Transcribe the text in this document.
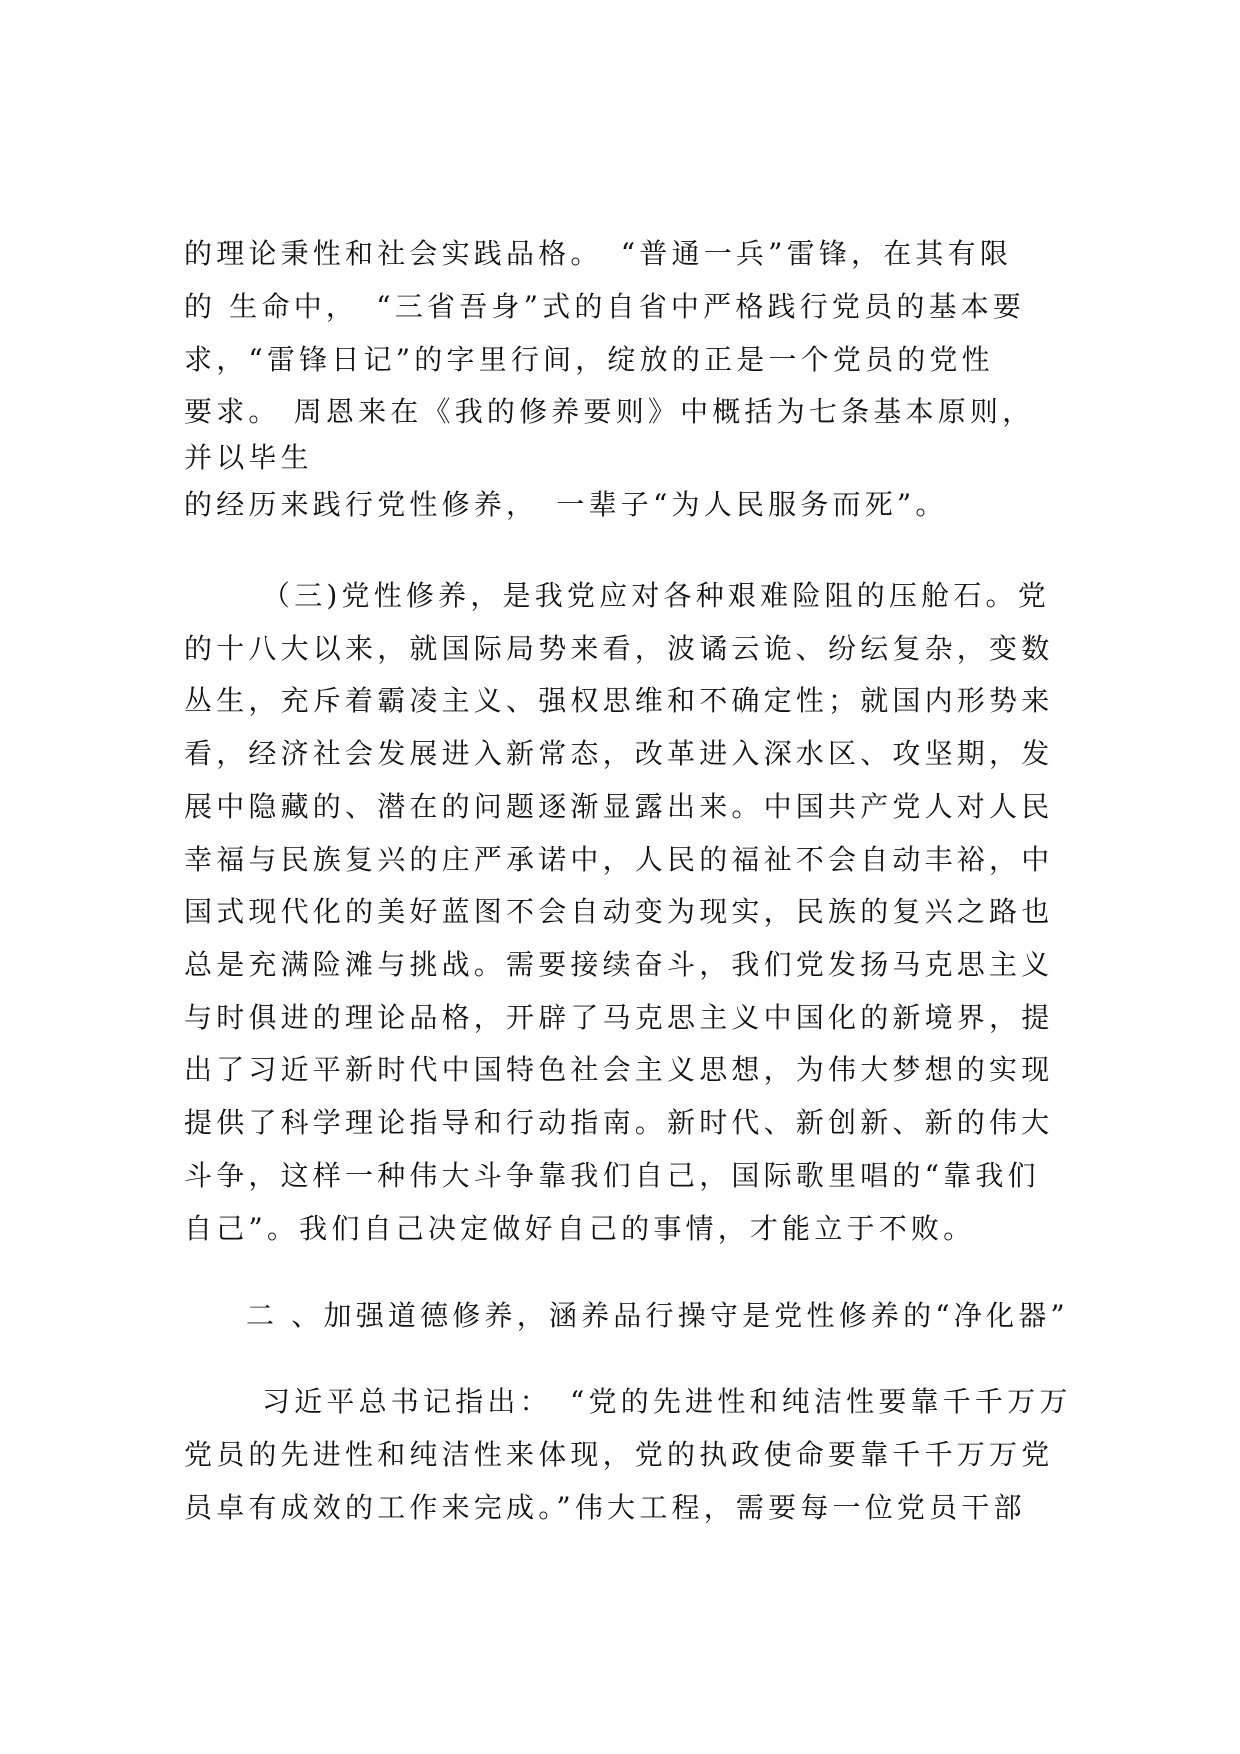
的理论秉性和社会实践品格。　“普通一兵”雷锋，在其有限
的 生命中，　“三省吾身”式的自省中严格践行党员的基本要
求，“雷锋日记”的字里行间，绽放的正是一个党员的党性
要求。 周恩来在《我的修养要则》中概括为七条基本原则，
并以毕生
的经历来践行党性修养，　一辈子“为人民服务而死”。
（三)党性修养，是我党应对各种艰难险阻的压舱石。党
的十八大以来，就国际局势来看，波谲云诡、纷纭复杂，变数
丛生，充斥着霸凌主义、强权思维和不确定性；就国内形势来
看，经济社会发展进入新常态，改革进入深水区、攻坚期，发
展中隐藏的、潜在的问题逐渐显露出来。中国共产党人对人民
幸福与民族复兴的庄严承诺中，人民的福祉不会自动丰裕，中
国式现代化的美好蓝图不会自动变为现实，民族的复兴之路也
总是充满险滩与挑战。需要接续奋斗，我们党发扬马克思主义
与时俱进的理论品格，开辟了马克思主义中国化的新境界，提
出了习近平新时代中国特色社会主义思想，为伟大梦想的实现
提供了科学理论指导和行动指南。新时代、新创新、新的伟大
斗争，这样一种伟大斗争靠我们自己，国际歌里唱的“靠我们
自己”。我们自己决定做好自己的事情，才能立于不败。
二 、加强道德修养，涵养品行操守是党性修养的“净化器”
习近平总书记指出：　“党的先进性和纯洁性要靠千千万万
党员的先进性和纯洁性来体现，党的执政使命要靠千千万万党
员卓有成效的工作来完成。”伟大工程，需要每一位党员干部
